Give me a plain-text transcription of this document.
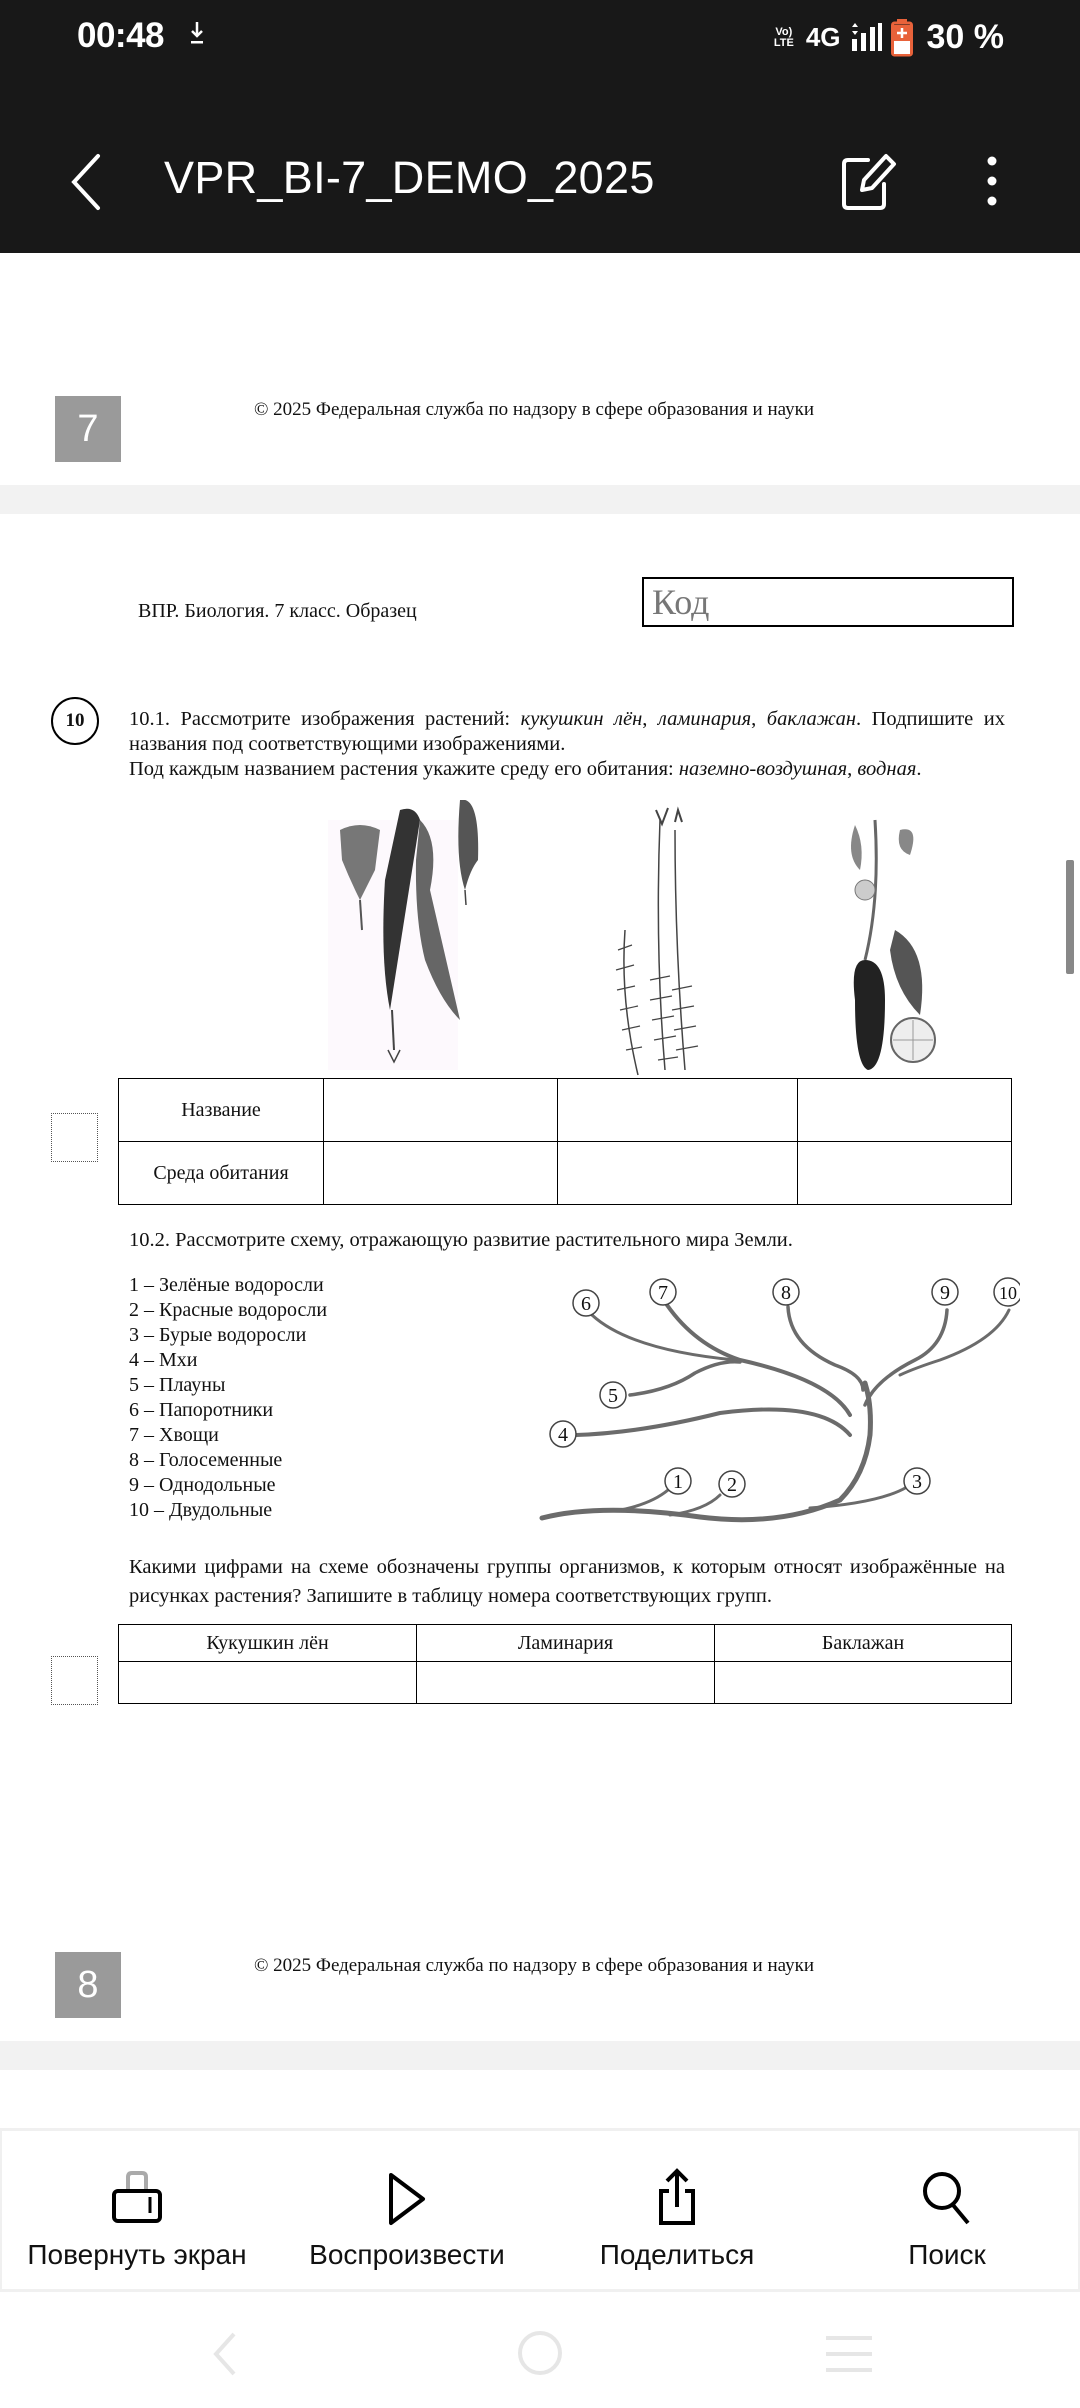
00:48	Vo)
LTE 4G	30 %
VPR_BI-7_DEMO_2025
7	© 2025 Федеральная служба по надзору в сфере образования и науки
ВПР. Биология. 7 класс. Образец	Код
10	10.1. Рассмотрите изображения растений: кукушкин лён, ламинария, баклажан. Подпишите их названия под соответствующими изображениями.
Под каждым названием растения укажите среду его обитания: наземно-воздушная, водная.
Название			
Среда обитания			
10.2. Рассмотрите схему, отражающую развитие растительного мира Земли.
1 – Зелёные водоросли
2 – Красные водоросли
3 – Бурые водоросли
4 – Мхи
5 – Плауны
6 – Папоротники
7 – Хвощи
8 – Голосеменные
9 – Однодольные
10 – Двудольные
1 2	3
4
5
6	7	8	9	10
Какими цифрами на схеме обозначены группы организмов, к которым относят изображённые на рисунках растения? Запишите в таблицу номера соответствующих групп.
Кукушкин лён	Ламинария	Баклажан

8	© 2025 Федеральная служба по надзору в сфере образования и науки
Повернуть экран Воспроизвести	Поделиться	Поиск
